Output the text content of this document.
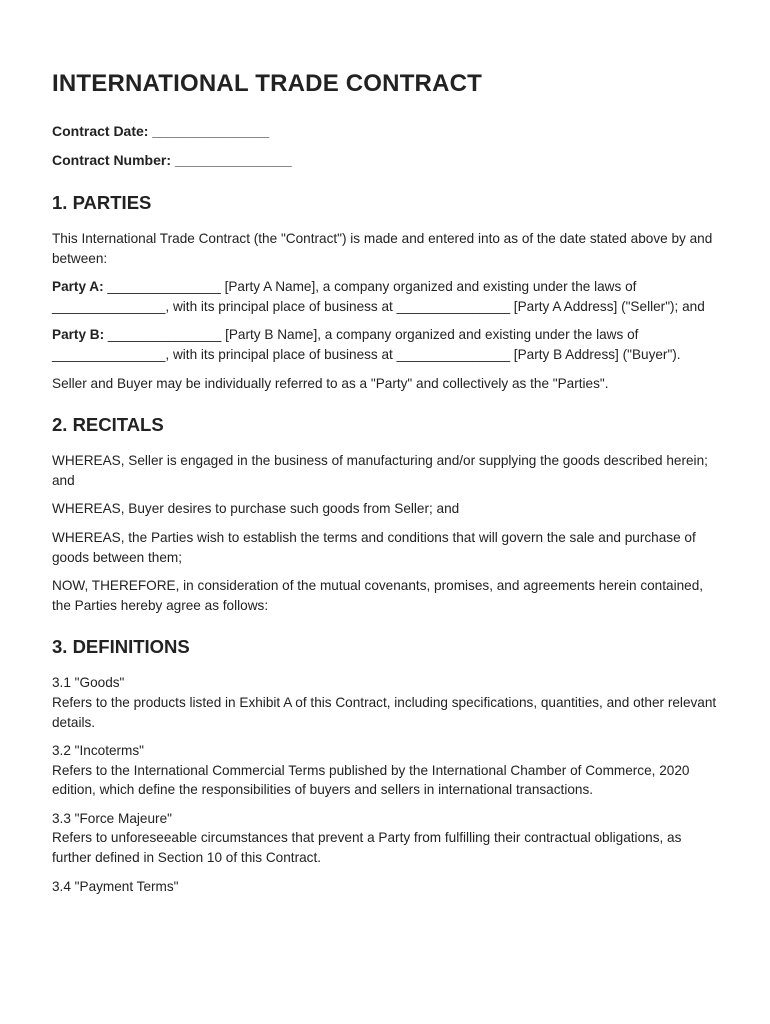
INTERNATIONAL TRADE CONTRACT

Contract Date: _______________

Contract Number: _______________

1. PARTIES

This International Trade Contract (the "Contract") is made and entered into as of the date stated above by and between:

Party A: _______________ [Party A Name], a company organized and existing under the laws of _______________, with its principal place of business at _______________ [Party A Address] ("Seller"); and

Party B: _______________ [Party B Name], a company organized and existing under the laws of _______________, with its principal place of business at _______________ [Party B Address] ("Buyer").

Seller and Buyer may be individually referred to as a "Party" and collectively as the "Parties".

2. RECITALS

WHEREAS, Seller is engaged in the business of manufacturing and/or supplying the goods described herein; and

WHEREAS, Buyer desires to purchase such goods from Seller; and

WHEREAS, the Parties wish to establish the terms and conditions that will govern the sale and purchase of goods between them;

NOW, THEREFORE, in consideration of the mutual covenants, promises, and agreements herein contained, the Parties hereby agree as follows:

3. DEFINITIONS

3.1 "Goods"

Refers to the products listed in Exhibit A of this Contract, including specifications, quantities, and other relevant details.

3.2 "Incoterms"

Refers to the International Commercial Terms published by the International Chamber of Commerce, 2020 edition, which define the responsibilities of buyers and sellers in international transactions.

3.3 "Force Majeure"

Refers to unforeseeable circumstances that prevent a Party from fulfilling their contractual obligations, as further defined in Section 10 of this Contract.

3.4 "Payment Terms"
